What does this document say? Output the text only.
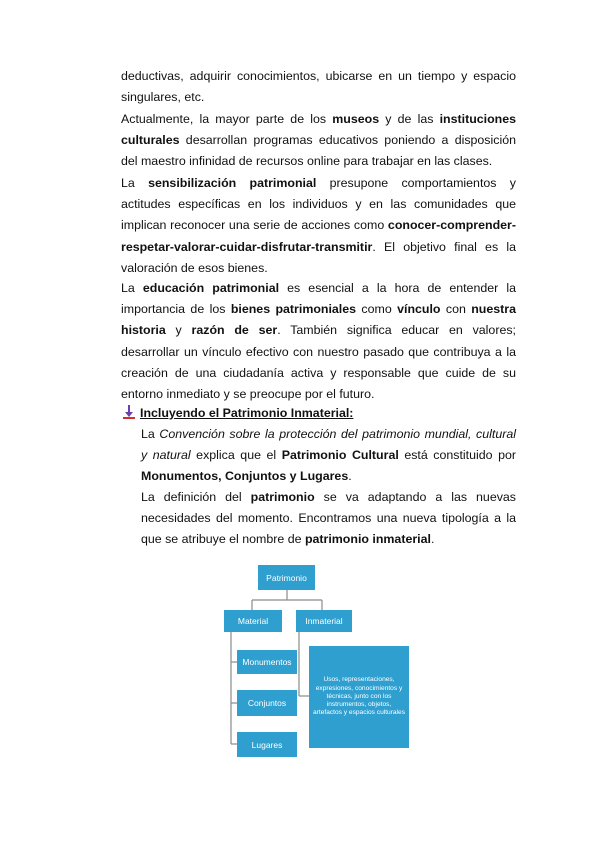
deductivas, adquirir conocimientos, ubicarse en un tiempo y espacio singulares, etc.

Actualmente, la mayor parte de los museos y de las instituciones culturales desarrollan programas educativos poniendo a disposición del maestro infinidad de recursos online para trabajar en las clases.

La sensibilización patrimonial presupone comportamientos y actitudes específicas en los individuos y en las comunidades que implican reconocer una serie de acciones como conocer-comprender-respetar-valorar-cuidar-disfrutar-transmitir. El objetivo final es la valoración de esos bienes.

La educación patrimonial es esencial a la hora de entender la importancia de los bienes patrimoniales como vínculo con nuestra historia y razón de ser. También significa educar en valores; desarrollar un vínculo efectivo con nuestro pasado que contribuya a la creación de una ciudadanía activa y responsable que cuide de su entorno inmediato y se preocupe por el futuro.

Incluyendo el Patrimonio Inmaterial:

La Convención sobre la protección del patrimonio mundial, cultural y natural explica que el Patrimonio Cultural está constituido por Monumentos, Conjuntos y Lugares.

La definición del patrimonio se va adaptando a las nuevas necesidades del momento. Encontramos una nueva tipología a la que se atribuye el nombre de patrimonio inmaterial.

Patrimonio
Material	Inmaterial
Monumentos
Conjuntos
Lugares
Usos, representaciones, expresiones, conocimientos y técnicas, junto con los instrumentos, objetos, artefactos y espacios culturales
